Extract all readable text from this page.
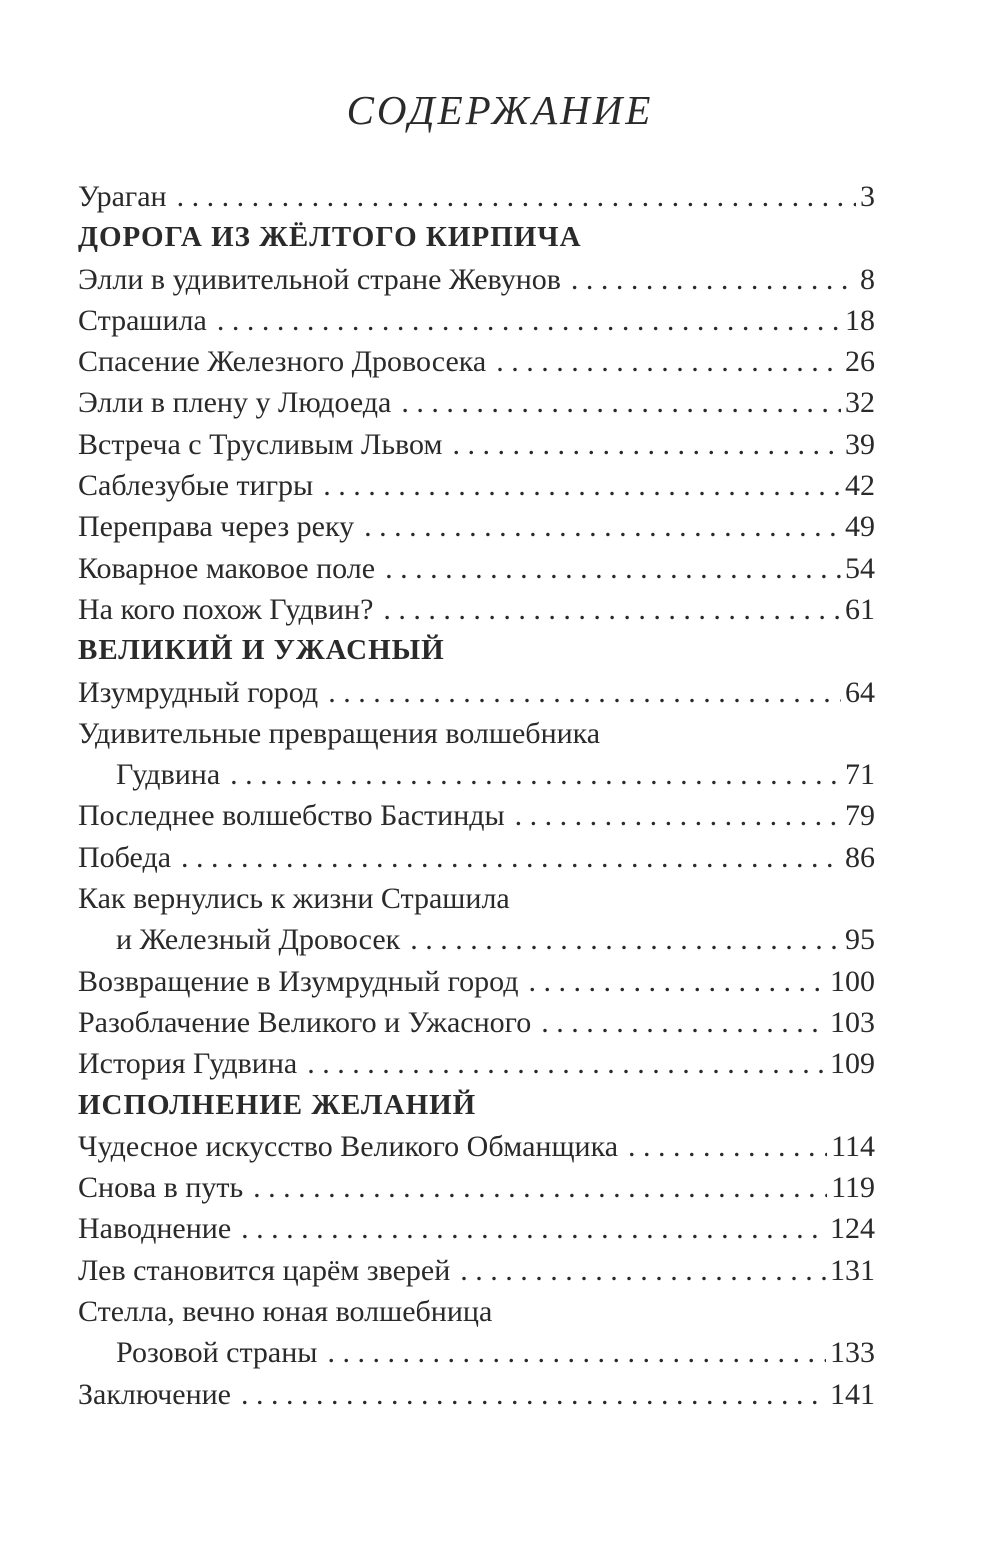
СОДЕРЖАНИЕ
Ураган . . .	3
ДОРОГА ИЗ ЖЁЛТОГО КИРПИЧА
Элли в удивительной стране Жевунов . . .	8
Страшила . . .	18
Спасение Железного Дровосека . . .	26
Элли в плену у Людоеда . . .	32
Встреча с Трусливым Львом . . .	39
Саблезубые тигры . . .	42
Переправа через реку . . .	49
Коварное маковое поле . . .	54
На кого похож Гудвин? . . .	61
ВЕЛИКИЙ И УЖАСНЫЙ
Изумрудный город . . .	64
Удивительные превращения волшебника
Гудвина . . .	71
Последнее волшебство Бастинды . . .	79
Победа . . .	86
Как вернулись к жизни Страшила
и Железный Дровосек . . .	95
Возвращение в Изумрудный город . . .	100
Разоблачение Великого и Ужасного . . .	103
История Гудвина . . .	109
ИСПОЛНЕНИЕ ЖЕЛАНИЙ
Чудесное искусство Великого Обманщика . . .	114
Снова в путь . . .	119
Наводнение . . .	124
Лев становится царём зверей . . .	131
Стелла, вечно юная волшебница
Розовой страны . . .	133
Заключение . . .	141
